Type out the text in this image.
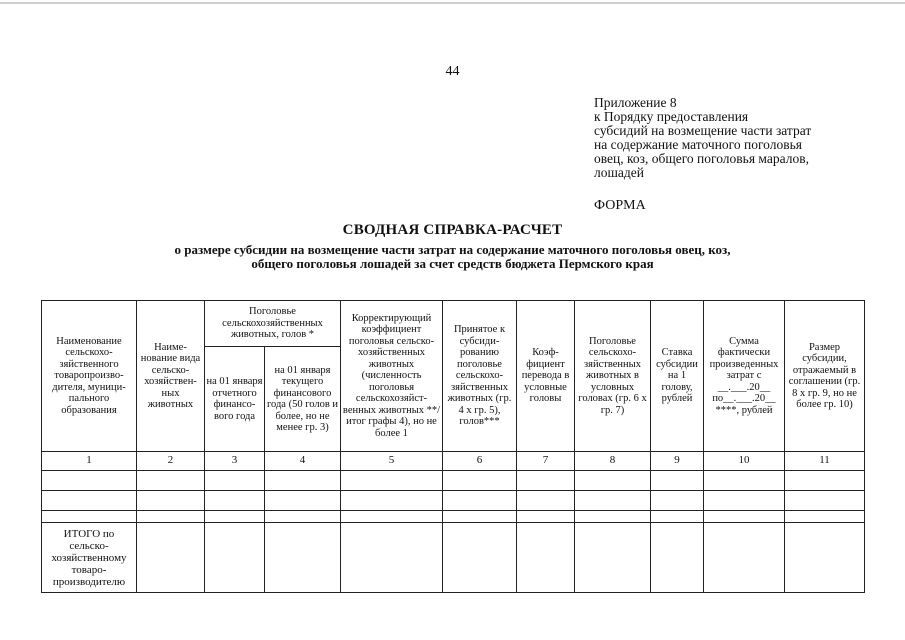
44
Приложение 8
к Порядку предоставления
субсидий на возмещение части затрат
на содержание маточного поголовья
овец, коз, общего поголовья маралов,
лошадей
ФОРМА
СВОДНАЯ СПРАВКА-РАСЧЕТ
о размере субсидии на возмещение части затрат на содержание маточного поголовья овец, коз,
общего поголовья лошадей за счет средств бюджета Пермского края
Наименование сельскохо-зяйственного товаропроизво-дителя, муници-пального образования	Наиме-нование вида сельско-хозяйствен-ных животных	Поголовье сельскохозяйственных животных, голов *		Корректирующий коэффициент поголовья сельско-хозяйственных животных (численность поголовья сельскохозяйст-венных животных **/ итог графы 4), но не более 1	Принятое к субсиди-рованию поголовье сельскохо-зяйственных животных (гр. 4 x гр. 5), голов***	Коэф-фициент перевода в условные головы	Поголовье сельскохо-зяйственных животных в условных головах (гр. 6 x гр. 7)	Ставка субсидии на 1 голову, рублей	Сумма фактически произведенных затрат с __.___.20__ по__.___.20__ ****, рублей	Размер субсидии, отражаемый в соглашении (гр. 8 x гр. 9, но не более гр. 10)
		на 01 января отчетного финансо-вого года	на 01 января текущего финансового года (50 голов и более, но не менее гр. 3)							
1	2	3	4	5	6	7	8	9	10	11

ИТОГО по сельско-хозяйственному товаро-производителю										
